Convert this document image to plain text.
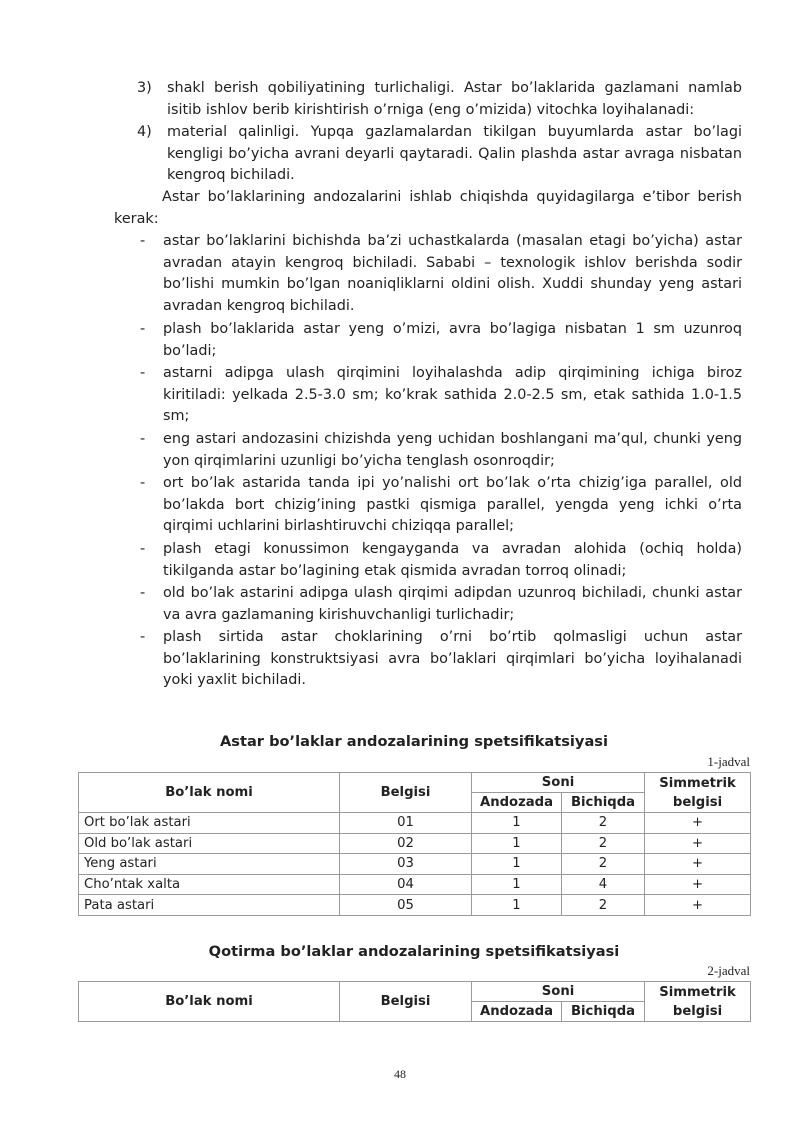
3)	shakl berish qobiliyatining turlichaligi. Astar bo’laklarida gazlamani namlab isitib ishlov berib kirishtirish o’rniga (eng o’mizida) vitochka loyihalanadi:
4)	material qalinligi. Yupqa gazlamalardan tikilgan buyumlarda astar bo’lagi kengligi bo’yicha avrani deyarli qaytaradi. Qalin plashda astar avraga nisbatan kengroq bichiladi.
Astar bo’laklarining andozalarini ishlab chiqishda quyidagilarga e’tibor berish kerak:
- astar bo’laklarini bichishda ba’zi uchastkalarda (masalan etagi bo’yicha) astar avradan atayin kengroq bichiladi. Sababi – texnologik ishlov berishda sodir bo’lishi mumkin bo’lgan noaniqliklarni oldini olish. Xuddi shunday yeng astari avradan kengroq bichiladi.
- plash bo’laklarida astar yeng o’mizi, avra bo’lagiga nisbatan 1 sm uzunroq bo’ladi;
- astarni adipga ulash qirqimini loyihalashda adip qirqimining ichiga biroz kiritiladi: yelkada 2.5-3.0 sm; ko’krak sathida 2.0-2.5 sm, etak sathida 1.0-1.5 sm;
- eng astari andozasini chizishda yeng uchidan boshlangani ma’qul, chunki yeng yon qirqimlarini uzunligi bo’yicha tenglash osonroqdir;
- ort bo’lak astarida tanda ipi yo’nalishi ort bo’lak o’rta chizig’iga parallel, old bo’lakda bort chizig’ining pastki qismiga parallel, yengda yeng ichki o’rta qirqimi uchlarini birlashtiruvchi chiziqqa parallel;
- plash etagi konussimon kengayganda va avradan alohida (ochiq holda) tikilganda astar bo’lagining etak qismida avradan torroq olinadi;
- old bo’lak astarini adipga ulash qirqimi adipdan uzunroq bichiladi, chunki astar va avra gazlamaning kirishuvchanligi turlichadir;
- plash sirtida astar choklarining o’rni bo’rtib qolmasligi uchun astar bo’laklarining konstruktsiyasi avra bo’laklari qirqimlari bo’yicha loyihalanadi yoki yaxlit bichiladi.
Astar bo’laklar andozalarining spetsifikatsiyasi
1-jadval
Bo’lak nomi	Belgisi	Soni		Simmetrik belgisi
		Andozada	Bichiqda	
Ort bo’lak astari	01	1	2	+
Old bo’lak astari	02	1	2	+
Yeng astari	03	1	2	+
Cho’ntak xalta	04	1	4	+
Pata astari	05	1	2	+
Qotirma bo’laklar andozalarining spetsifikatsiyasi
2-jadval
Bo’lak nomi	Belgisi	Soni		Simmetrik belgisi
		Andozada	Bichiqda	
48
